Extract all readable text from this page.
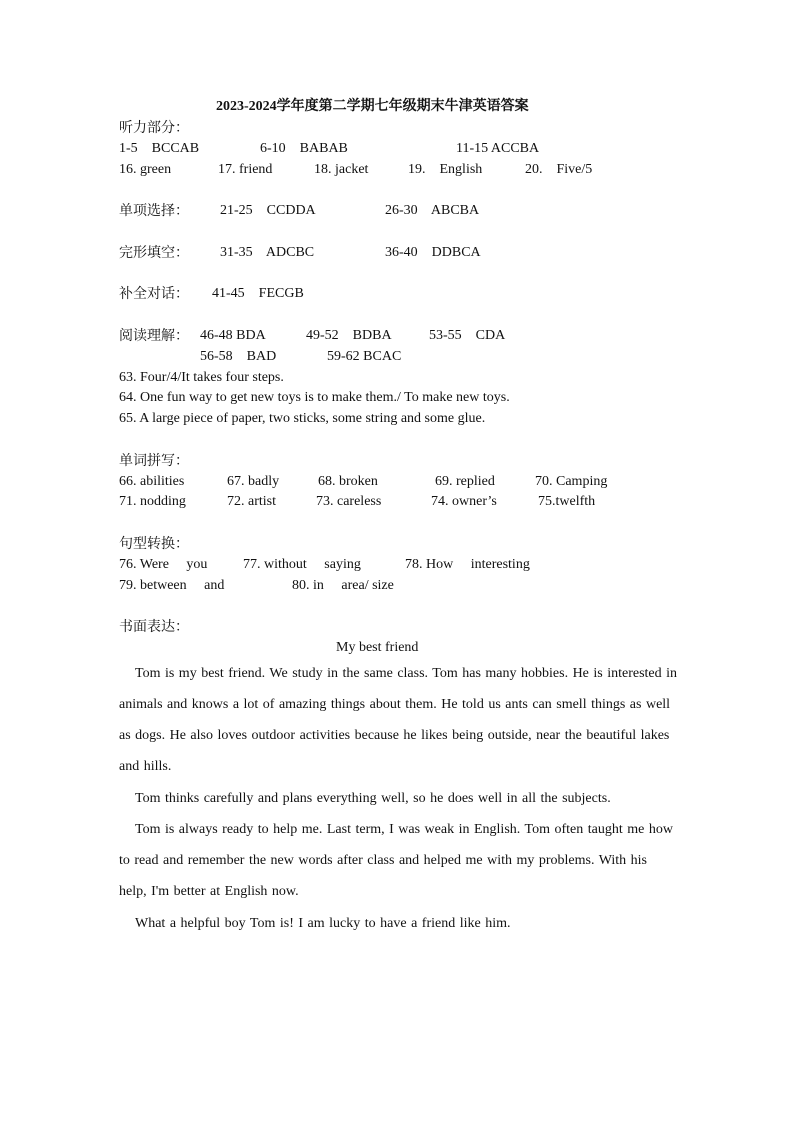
2023-2024学年度第二学期七年级期末牛津英语答案
听力部分：
1-5    BCCAB	6-10    BABAB	11-15 ACCBA
16. green	17. friend	18. jacket	19.    English	20.    Five/5
单项选择： 21-25    CCDDA	26-30    ABCBA
完形填空： 31-35    ADCBC	36-40    DDBCA
补全对话： 41-45    FECGB
阅读理解： 46-48 BDA	49-52    BDBA	53-55    CDA
56-58    BAD	59-62 BCAC
63. Four/4/It takes four steps.
64. One fun way to get new toys is to make them./ To make new toys.
65. A large piece of paper, two sticks, some string and some glue.
单词拼写：
66. abilities	67. badly	68. broken	69. replied	70. Camping
71. nodding	72. artist	73. careless	74. owner’s	75.twelfth
句型转换：
76. Were     you	77. without     saying	78. How     interesting
79. between     and	80. in     area/ size
书面表达：
My best friend
Tom is my best friend. We study in the same class. Tom has many hobbies. He is interested in animals and knows a lot of amazing things about them. He told us ants can smell things as well as dogs. He also loves outdoor activities because he likes being outside, near the beautiful lakes and hills.
Tom thinks carefully and plans everything well, so he does well in all the subjects.
Tom is always ready to help me. Last term, I was weak in English. Tom often taught me how to read and remember the new words after class and helped me with my problems. With his help, I'm better at English now.
What a helpful boy Tom is! I am lucky to have a friend like him.
